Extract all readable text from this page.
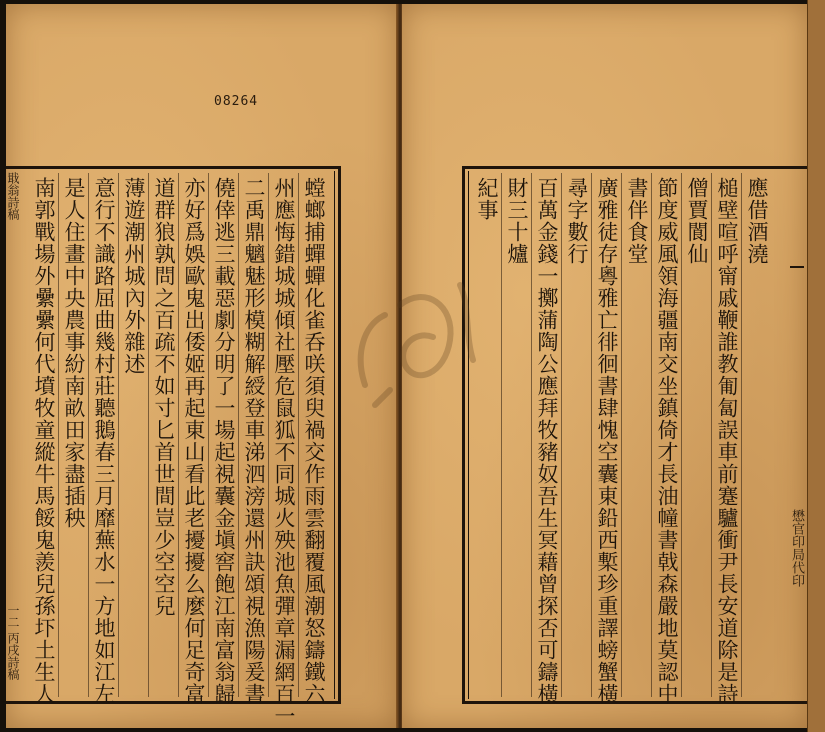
08264
戢翁詩稿
一二 丙戌詩稿	螳螂捕蟬蟬化雀呑咲須臾禍交作雨雲翻覆風潮怒鑄鐵六
州應悔錯城城傾社壓危鼠狐不同城火殃池魚彈章漏網百一
二禹鼎魑魅形模糊解綬登車涕泗滂還州訣頌視漁陽爰書
僥倖逃三載惡劇分明了一場起視囊金塡窖飽江南富翁歸
亦好爲娛歐鬼出倭姬再起東山看此老擾擾么麼何足奇富
道群狼孰問之百疏不如寸匕首世間豈少空空兒
薄遊潮州城內外雜述
意行不識路屈曲幾村莊聽鵝春三月靡蕪水一方地如江左
是人住畫中央農事紛南畝田家盡插秧
南郭戰場外纍纍何代墳牧童縱牛馬餒鬼羨兒孫圷土生人	懋官印局代印
應借酒澆
槌壁喧呼甯戚鞭誰教匍匐誤車前蹇驢衝尹長安道除是詩
僧賈閬仙
節度威風領海疆南交坐鎮倚才長油幢書戟森嚴地莫認中
書伴食堂
廣雅徒存粵雅亡徘徊書肆愧空囊東鉛西槧珍重譯螃蟹橫
尋字數行
百萬金錢一擲蒲陶公應拜牧豬奴吾生冥藉曾探否可鑄橫
財三十爐
紀事
